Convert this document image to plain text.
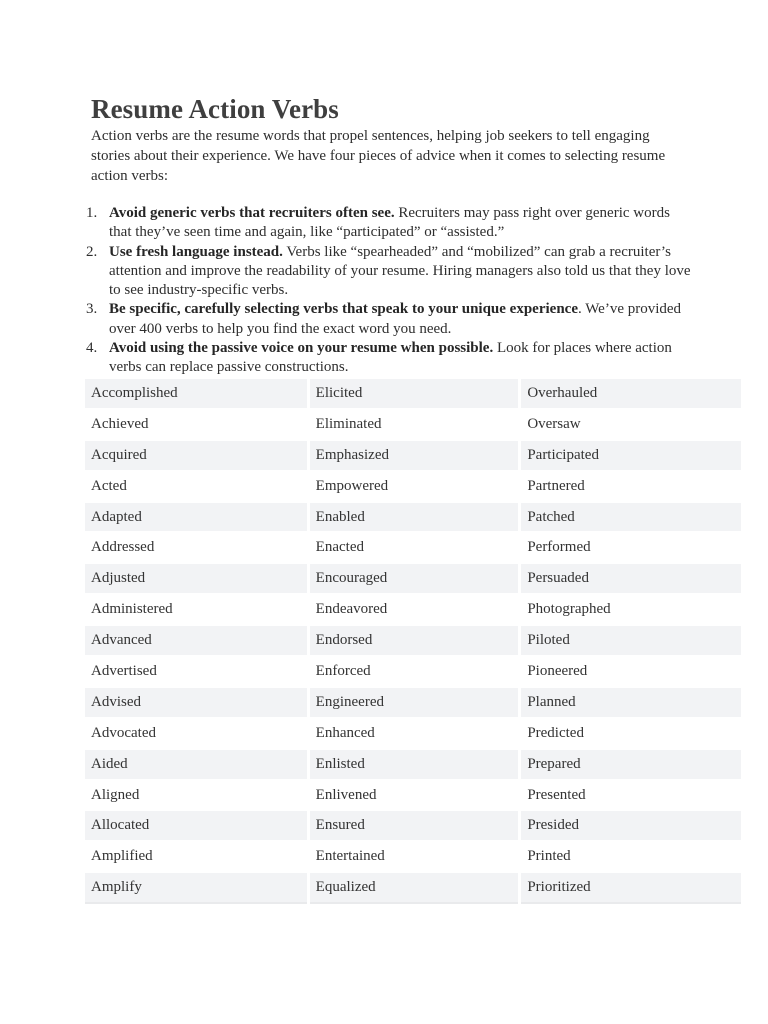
Resume Action Verbs

Action verbs are the resume words that propel sentences, helping job seekers to tell engaging stories about their experience. We have four pieces of advice when it comes to selecting resume action verbs:

1. Avoid generic verbs that recruiters often see. Recruiters may pass right over generic words that they’ve seen time and again, like “participated” or “assisted.”
2. Use fresh language instead. Verbs like “spearheaded” and “mobilized” can grab a recruiter’s attention and improve the readability of your resume. Hiring managers also told us that they love to see industry-specific verbs.
3. Be specific, carefully selecting verbs that speak to your unique experience. We’ve provided over 400 verbs to help you find the exact word you need.
4. Avoid using the passive voice on your resume when possible. Look for places where action verbs can replace passive constructions.
Accomplished	Elicited	Overhauled
Achieved	Eliminated	Oversaw
Acquired	Emphasized	Participated
Acted	Empowered	Partnered
Adapted	Enabled	Patched
Addressed	Enacted	Performed
Adjusted	Encouraged	Persuaded
Administered	Endeavored	Photographed
Advanced	Endorsed	Piloted
Advertised	Enforced	Pioneered
Advised	Engineered	Planned
Advocated	Enhanced	Predicted
Aided	Enlisted	Prepared
Aligned	Enlivened	Presented
Allocated	Ensured	Presided
Amplified	Entertained	Printed
Amplify	Equalized	Prioritized
